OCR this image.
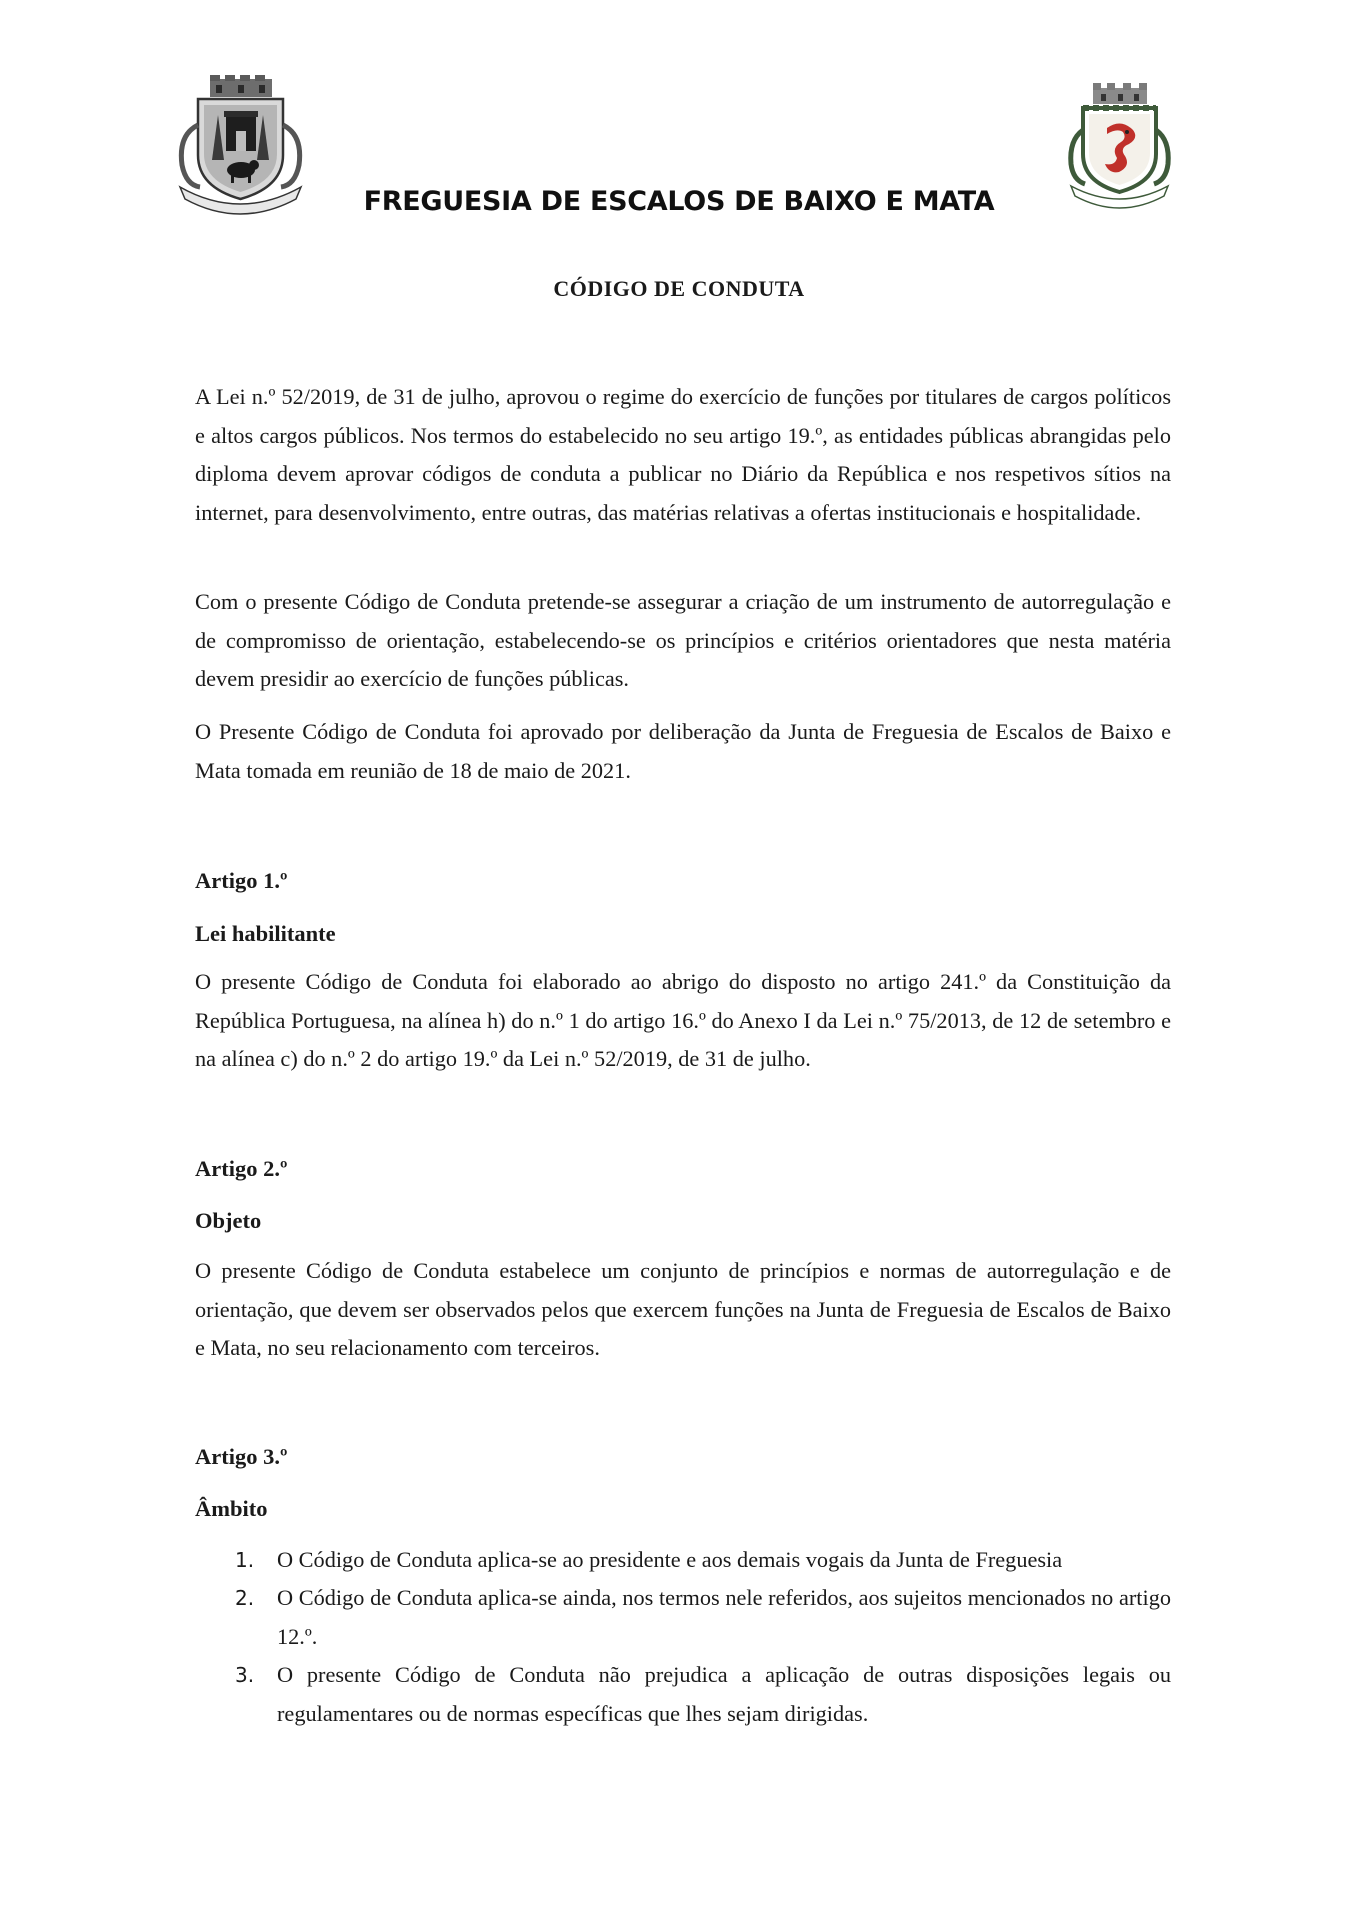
FREGUESIA DE ESCALOS DE BAIXO E MATA
CÓDIGO DE CONDUTA

A Lei n.º 52/2019, de 31 de julho, aprovou o regime do exercício de funções por titulares de cargos políticos e altos cargos públicos. Nos termos do estabelecido no seu artigo 19.º, as entidades públicas abrangidas pelo diploma devem aprovar códigos de conduta a publicar no Diário da República e nos respetivos sítios na internet, para desenvolvimento, entre outras, das matérias relativas a ofertas institucionais e hospitalidade.

Com o presente Código de Conduta pretende-se assegurar a criação de um instrumento de autorregulação e de compromisso de orientação, estabelecendo-se os princípios e critérios orientadores que nesta matéria devem presidir ao exercício de funções públicas.

O Presente Código de Conduta foi aprovado por deliberação da Junta de Freguesia de Escalos de Baixo e Mata tomada em reunião de 18 de maio de 2021.

Artigo 1.º
Lei habilitante

O presente Código de Conduta foi elaborado ao abrigo do disposto no artigo 241.º da Constituição da República Portuguesa, na alínea h) do n.º 1 do artigo 16.º do Anexo I da Lei n.º 75/2013, de 12 de setembro e na alínea c) do n.º 2 do artigo 19.º da Lei n.º 52/2019, de 31 de julho.

Artigo 2.º
Objeto

O presente Código de Conduta estabelece um conjunto de princípios e normas de autorregulação e de orientação, que devem ser observados pelos que exercem funções na Junta de Freguesia de Escalos de Baixo e Mata, no seu relacionamento com terceiros.

Artigo 3.º
Âmbito
1. O Código de Conduta aplica-se ao presidente e aos demais vogais da Junta de Freguesia
2. O Código de Conduta aplica-se ainda, nos termos nele referidos, aos sujeitos mencionados no artigo 12.º.
3. O presente Código de Conduta não prejudica a aplicação de outras disposições legais ou regulamentares ou de normas específicas que lhes sejam dirigidas.
